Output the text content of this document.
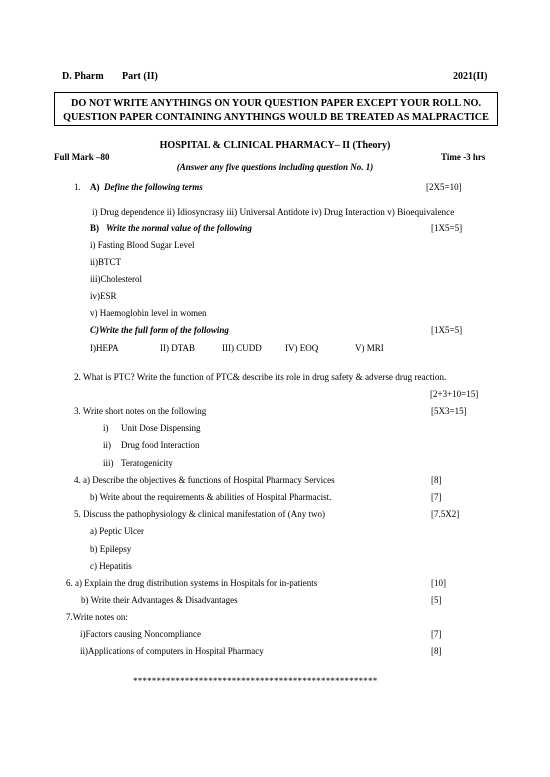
D. Pharm Part (II)	2021(II)
DO NOT WRITE ANYTHINGS ON YOUR QUESTION PAPER EXCEPT YOUR ROLL NO.
QUESTION PAPER CONTAINING ANYTHINGS WOULD BE TREATED AS MALPRACTICE
HOSPITAL & CLINICAL PHARMACY– II (Theory)
Full Mark –80	Time -3 hrs
(Answer any five questions including question No. 1)
1. A) Define the following terms	[2X5=10]
i) Drug dependence ii) Idiosyncrasy iii) Universal Antidote iv) Drug Interaction v) Bioequivalence
B) Write the normal value of the following	[1X5=5]
i) Fasting Blood Sugar Level
ii)BTCT
iii)Cholesterol
iv)ESR
v) Haemoglobin level in women
C)Write the full form of the following	[1X5=5]
I)HEPA	II) DTAB	III) CUDD	IV) EOQ	V) MRI
2. What is PTC? Write the function of PTC& describe its role in drug safety & adverse drug reaction.
[2+3+10=15]
3. Write short notes on the following	[5X3=15]
i) Unit Dose Dispensing
ii) Drug food Interaction
iii) Teratogenicity
4. a) Describe the objectives & functions of Hospital Pharmacy Services	[8]
b) Write about the requirements & abilities of Hospital Pharmacist.	[7]
5. Discuss the pathophysiology & clinical manifestation of (Any two)	[7.5X2]
a) Peptic Ulcer
b) Epilepsy
c) Hepatitis
6. a) Explain the drug distribution systems in Hospitals for in-patients	[10]
b) Write their Advantages & Disadvantages	[5]
7.Write notes on:
i)Factors causing Noncompliance	[7]
ii)Applications of computers in Hospital Pharmacy	[8]
****************************************************
